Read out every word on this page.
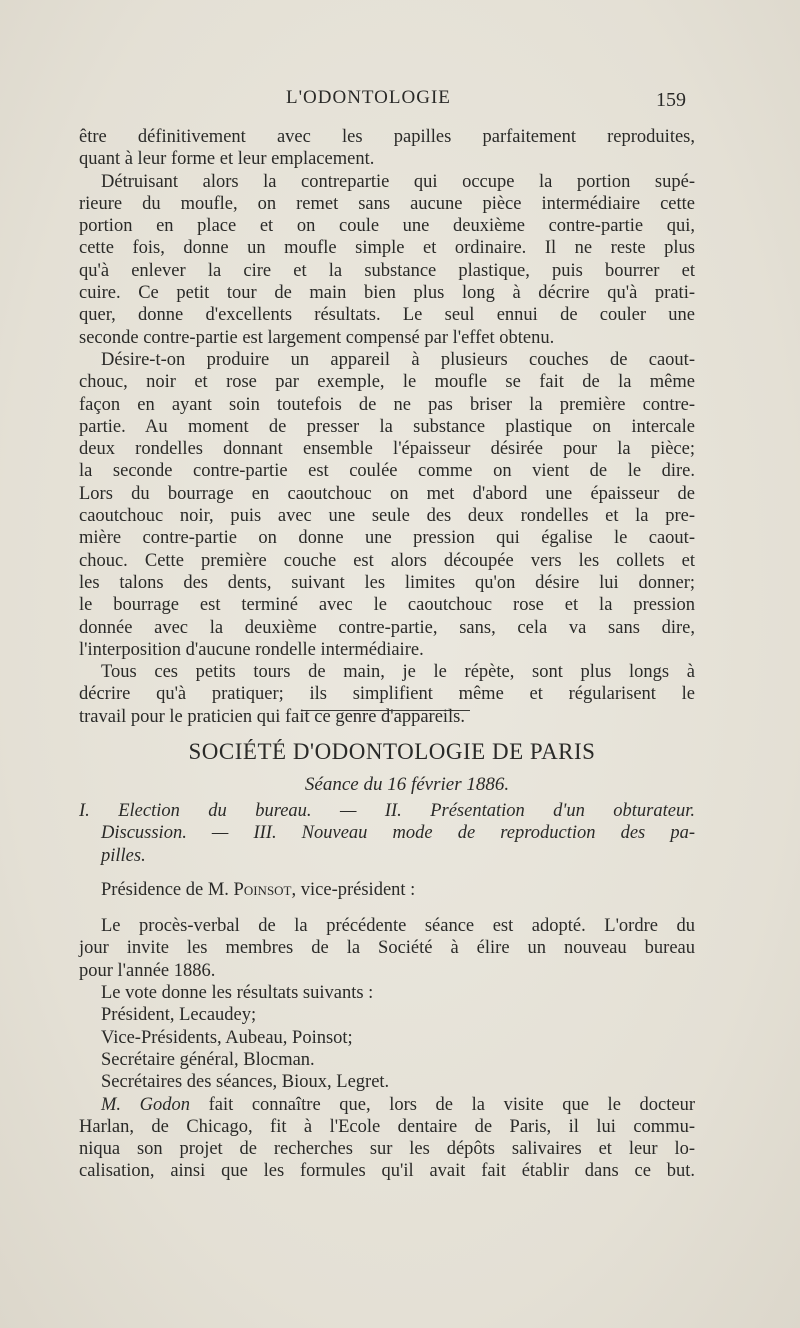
L'ODONTOLOGIE	159
être définitivement avec les papilles parfaitement reproduites,
quant à leur forme et leur emplacement.
Détruisant alors la contrepartie qui occupe la portion supé-
rieure du moufle, on remet sans aucune pièce intermédiaire cette
portion en place et on coule une deuxième contre-partie qui,
cette fois, donne un moufle simple et ordinaire. Il ne reste plus
qu'à enlever la cire et la substance plastique, puis bourrer et
cuire. Ce petit tour de main bien plus long à décrire qu'à prati-
quer, donne d'excellents résultats. Le seul ennui de couler une
seconde contre-partie est largement compensé par l'effet obtenu.
Désire-t-on produire un appareil à plusieurs couches de caout-
chouc, noir et rose par exemple, le moufle se fait de la même
façon en ayant soin toutefois de ne pas briser la première contre-
partie. Au moment de presser la substance plastique on intercale
deux rondelles donnant ensemble l'épaisseur désirée pour la pièce;
la seconde contre-partie est coulée comme on vient de le dire.
Lors du bourrage en caoutchouc on met d'abord une épaisseur de
caoutchouc noir, puis avec une seule des deux rondelles et la pre-
mière contre-partie on donne une pression qui égalise le caout-
chouc. Cette première couche est alors découpée vers les collets et
les talons des dents, suivant les limites qu'on désire lui donner;
le bourrage est terminé avec le caoutchouc rose et la pression
donnée avec la deuxième contre-partie, sans, cela va sans dire,
l'interposition d'aucune rondelle intermédiaire.
Tous ces petits tours de main, je le répète, sont plus longs à
décrire qu'à pratiquer; ils simplifient même et régularisent le
travail pour le praticien qui fait ce genre d'appareils.
SOCIÉTÉ D'ODONTOLOGIE DE PARIS
Séance du 16 février 1886.
I. Election du bureau. — II. Présentation d'un obturateur.
Discussion. — III. Nouveau mode de reproduction des pa-
pilles.
Présidence de M. Poinsot, vice-président :
Le procès-verbal de la précédente séance est adopté. L'ordre du
jour invite les membres de la Société à élire un nouveau bureau
pour l'année 1886.
Le vote donne les résultats suivants :
Président, Lecaudey;
Vice-Présidents, Aubeau, Poinsot;
Secrétaire général, Blocman.
Secrétaires des séances, Bioux, Legret.
M. Godon fait connaître que, lors de la visite que le docteur
Harlan, de Chicago, fit à l'Ecole dentaire de Paris, il lui commu-
niqua son projet de recherches sur les dépôts salivaires et leur lo-
calisation, ainsi que les formules qu'il avait fait établir dans ce but.
